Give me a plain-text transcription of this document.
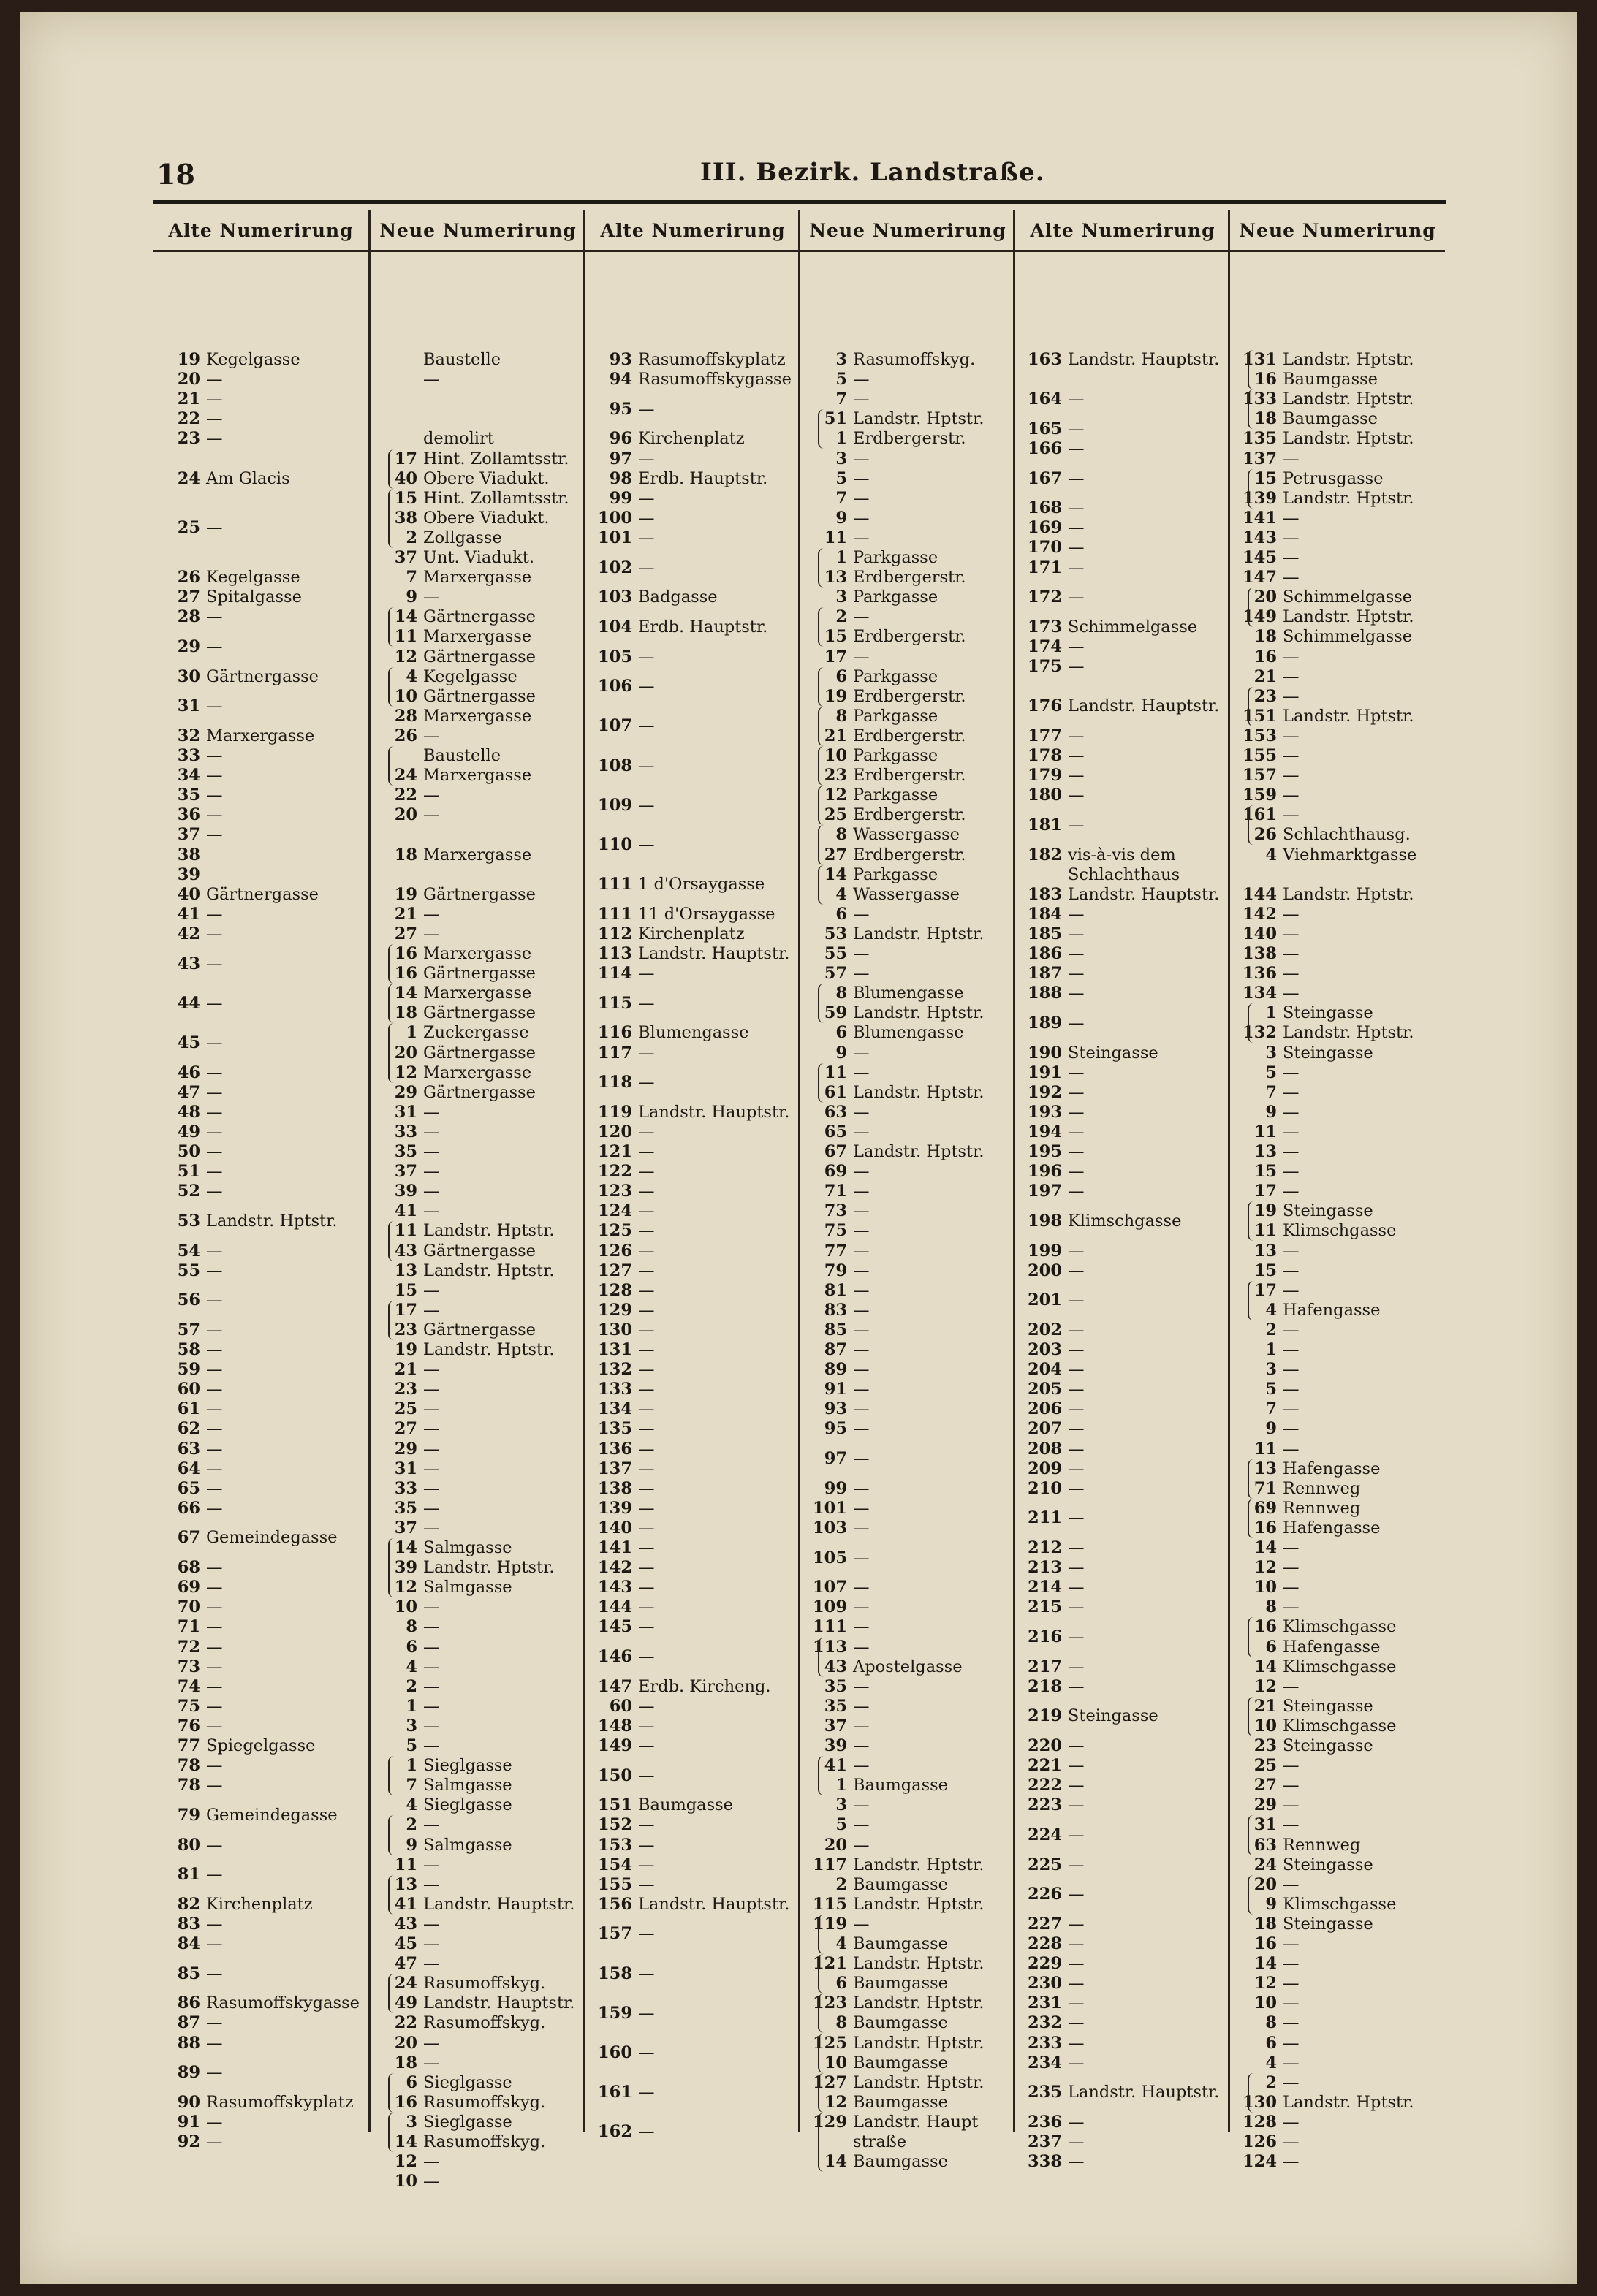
18	III. Bezirk. Landstraße.
Alte Numerirung
19 Kegelgasse
20 —
21 —
22 —
23 —
24 Am Glacis
25 —
26 Kegelgasse
27 Spitalgasse
28 —
29 —
30 Gärtnergasse
31 —
32 Marxergasse
33 —
34 —
35 —
36 —
37 —
38
39
40 Gärtnergasse
41 —
42 —
43 —
44 —
45 —
46 —
47 —
48 —
49 —
50 —
51 —
52 —
53 Landstr. Hptstr.
54 —
55 —
56 —
57 —
58 —
59 —
60 —
61 —
62 —
63 —
64 —
65 —
66 —
67 Gemeindegasse
68 —
69 —
70 —
71 —
72 —
73 —
74 —
75 —
76 —
77 Spiegelgasse
78 —
78 —
79 Gemeindegasse
80 —
81 —
82 Kirchenplatz
83 —
84 —
85 —
86 Rasumoffskygasse
87 —
88 —
89 —
90 Rasumoffskyplatz
91 —
92 —
Neue Numerirung
Baustelle
—
demolirt
17 Hint. Zollamtsstr.
40 Obere Viadukt.
15 Hint. Zollamtsstr.
38 Obere Viadukt.
2 Zollgasse
37 Unt. Viadukt.
7 Marxergasse
9 —
14 Gärtnergasse
11 Marxergasse
12 Gärtnergasse
4 Kegelgasse
10 Gärtnergasse
28 Marxergasse
26 —
Baustelle
24 Marxergasse
22 —
20 —
18 Marxergasse
19 Gärtnergasse
21 —
27 —
16 Marxergasse
16 Gärtnergasse
14 Marxergasse
18 Gärtnergasse
1 Zuckergasse
20 Gärtnergasse
12 Marxergasse
29 Gärtnergasse
31 —
33 —
35 —
37 —
39 —
41 —
11 Landstr. Hptstr.
43 Gärtnergasse
13 Landstr. Hptstr.
15 —
17 —
23 Gärtnergasse
19 Landstr. Hptstr.
21 —
23 —
25 —
27 —
29 —
31 —
33 —
35 —
37 —
14 Salmgasse
39 Landstr. Hptstr.
12 Salmgasse
10 —
8 —
6 —
4 —
2 —
1 —
3 —
5 —
1 Sieglgasse
7 Salmgasse
4 Sieglgasse
2 —
9 Salmgasse
11 —
13 —
41 Landstr. Hauptstr.
43 —
45 —
47 —
24 Rasumoffskyg.
49 Landstr. Hauptstr.
22 Rasumoffskyg.
20 —
18 —
6 Sieglgasse
16 Rasumoffskyg.
3 Sieglgasse
14 Rasumoffskyg.
12 —
10 —
Alte Numerirung
93 Rasumoffskyplatz
94 Rasumoffskygasse
95 —
96 Kirchenplatz
97 —
98 Erdb. Hauptstr.
99 —
100 —
101 —
102 —
103 Badgasse
104 Erdb. Hauptstr.
105 —
106 —
107 —
108 —
109 —
110 —
111 1 d'Orsaygasse
111 11 d'Orsaygasse
112 Kirchenplatz
113 Landstr. Hauptstr.
114 —
115 —
116 Blumengasse
117 —
118 —
119 Landstr. Hauptstr.
120 —
121 —
122 —
123 —
124 —
125 —
126 —
127 —
128 —
129 —
130 —
131 —
132 —
133 —
134 —
135 —
136 —
137 —
138 —
139 —
140 —
141 —
142 —
143 —
144 —
145 —
146 —
147 Erdb. Kircheng.
60 —
148 —
149 —
150 —
151 Baumgasse
152 —
153 —
154 —
155 —
156 Landstr. Hauptstr.
157 —
158 —
159 —
160 —
161 —
162 —
Neue Numerirung
3 Rasumoffskyg.
5 —
7 —
51 Landstr. Hptstr.
1 Erdbergerstr.
3 —
5 —
7 —
9 —
11 —
1 Parkgasse
13 Erdbergerstr.
3 Parkgasse
2 —
15 Erdbergerstr.
17 —
6 Parkgasse
19 Erdbergerstr.
8 Parkgasse
21 Erdbergerstr.
10 Parkgasse
23 Erdbergerstr.
12 Parkgasse
25 Erdbergerstr.
8 Wassergasse
27 Erdbergerstr.
14 Parkgasse
4 Wassergasse
6 —
53 Landstr. Hptstr.
55 —
57 —
8 Blumengasse
59 Landstr. Hptstr.
6 Blumengasse
9 —
11 —
61 Landstr. Hptstr.
63 —
65 —
67 Landstr. Hptstr.
69 —
71 —
73 —
75 —
77 —
79 —
81 —
83 —
85 —
87 —
89 —
91 —
93 —
95 —
97 —
99 —
101 —
103 —
105 —
107 —
109 —
111 —
113 —
43 Apostelgasse
35 —
35 —
37 —
39 —
41 —
1 Baumgasse
3 —
5 —
20 —
117 Landstr. Hptstr.
2 Baumgasse
115 Landstr. Hptstr.
119 —
4 Baumgasse
121 Landstr. Hptstr.
6 Baumgasse
123 Landstr. Hptstr.
8 Baumgasse
125 Landstr. Hptstr.
10 Baumgasse
127 Landstr. Hptstr.
12 Baumgasse
129 Landstr. Haupt
straße
14 Baumgasse
Alte Numerirung
163 Landstr. Hauptstr.
164 —
165 —
166 —
167 —
168 —
169 —
170 —
171 —
172 —
173 Schimmelgasse
174 —
175 —
176 Landstr. Hauptstr.
177 —
178 —
179 —
180 —
181 —
182 vis-à-vis dem
Schlachthaus
183 Landstr. Hauptstr.
184 —
185 —
186 —
187 —
188 —
189 —
190 Steingasse
191 —
192 —
193 —
194 —
195 —
196 —
197 —
198 Klimschgasse
199 —
200 —
201 —
202 —
203 —
204 —
205 —
206 —
207 —
208 —
209 —
210 —
211 —
212 —
213 —
214 —
215 —
216 —
217 —
218 —
219 Steingasse
220 —
221 —
222 —
223 —
224 —
225 —
226 —
227 —
228 —
229 —
230 —
231 —
232 —
233 —
234 —
235 Landstr. Hauptstr.
236 —
237 —
338 —
Neue Numerirung
131 Landstr. Hptstr.
16 Baumgasse
133 Landstr. Hptstr.
18 Baumgasse
135 Landstr. Hptstr.
137 —
15 Petrusgasse
139 Landstr. Hptstr.
141 —
143 —
145 —
147 —
20 Schimmelgasse
149 Landstr. Hptstr.
18 Schimmelgasse
16 —
21 —
23 —
151 Landstr. Hptstr.
153 —
155 —
157 —
159 —
161 —
26 Schlachthausg.
4 Viehmarktgasse
144 Landstr. Hptstr.
142 —
140 —
138 —
136 —
134 —
1 Steingasse
132 Landstr. Hptstr.
3 Steingasse
5 —
7 —
9 —
11 —
13 —
15 —
17 —
19 Steingasse
11 Klimschgasse
13 —
15 —
17 —
4 Hafengasse
2 —
1 —
3 —
5 —
7 —
9 —
11 —
13 Hafengasse
71 Rennweg
69 Rennweg
16 Hafengasse
14 —
12 —
10 —
8 —
16 Klimschgasse
6 Hafengasse
14 Klimschgasse
12 —
21 Steingasse
10 Klimschgasse
23 Steingasse
25 —
27 —
29 —
31 —
63 Rennweg
24 Steingasse
20 —
9 Klimschgasse
18 Steingasse
16 —
14 —
12 —
10 —
8 —
6 —
4 —
2 —
130 Landstr. Hptstr.
128 —
126 —
124 —
